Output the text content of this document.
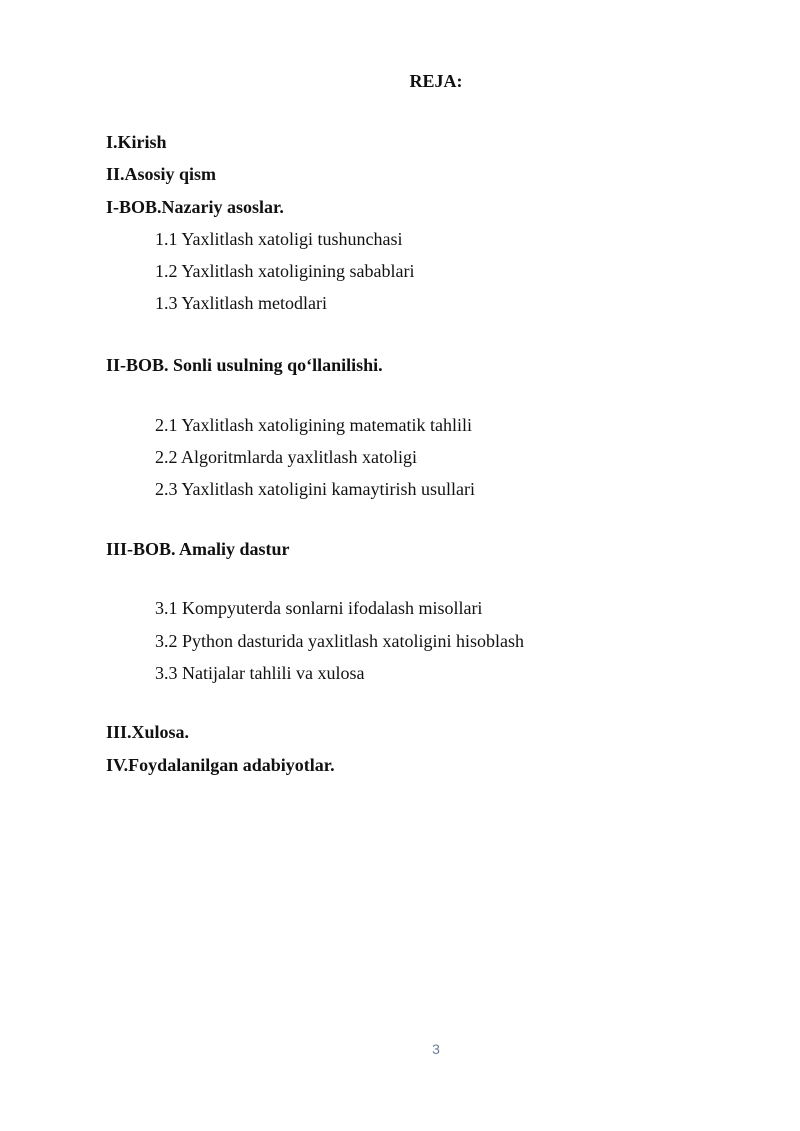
REJA:
I.Kirish
II.Asosiy qism
I-BOB.Nazariy asoslar.
1.1 Yaxlitlash xatoligi tushunchasi
1.2 Yaxlitlash xatoligining sabablari
1.3 Yaxlitlash metodlari
II-BOB. Sonli usulning qo‘llanilishi.
2.1 Yaxlitlash xatoligining matematik tahlili
2.2 Algoritmlarda yaxlitlash xatoligi
2.3 Yaxlitlash xatoligini kamaytirish usullari
III-BOB. Amaliy dastur
3.1 Kompyuterda sonlarni ifodalash misollari
3.2 Python dasturida yaxlitlash xatoligini hisoblash
3.3 Natijalar tahlili va xulosa
III.Xulosa.
IV.Foydalanilgan adabiyotlar.
3
